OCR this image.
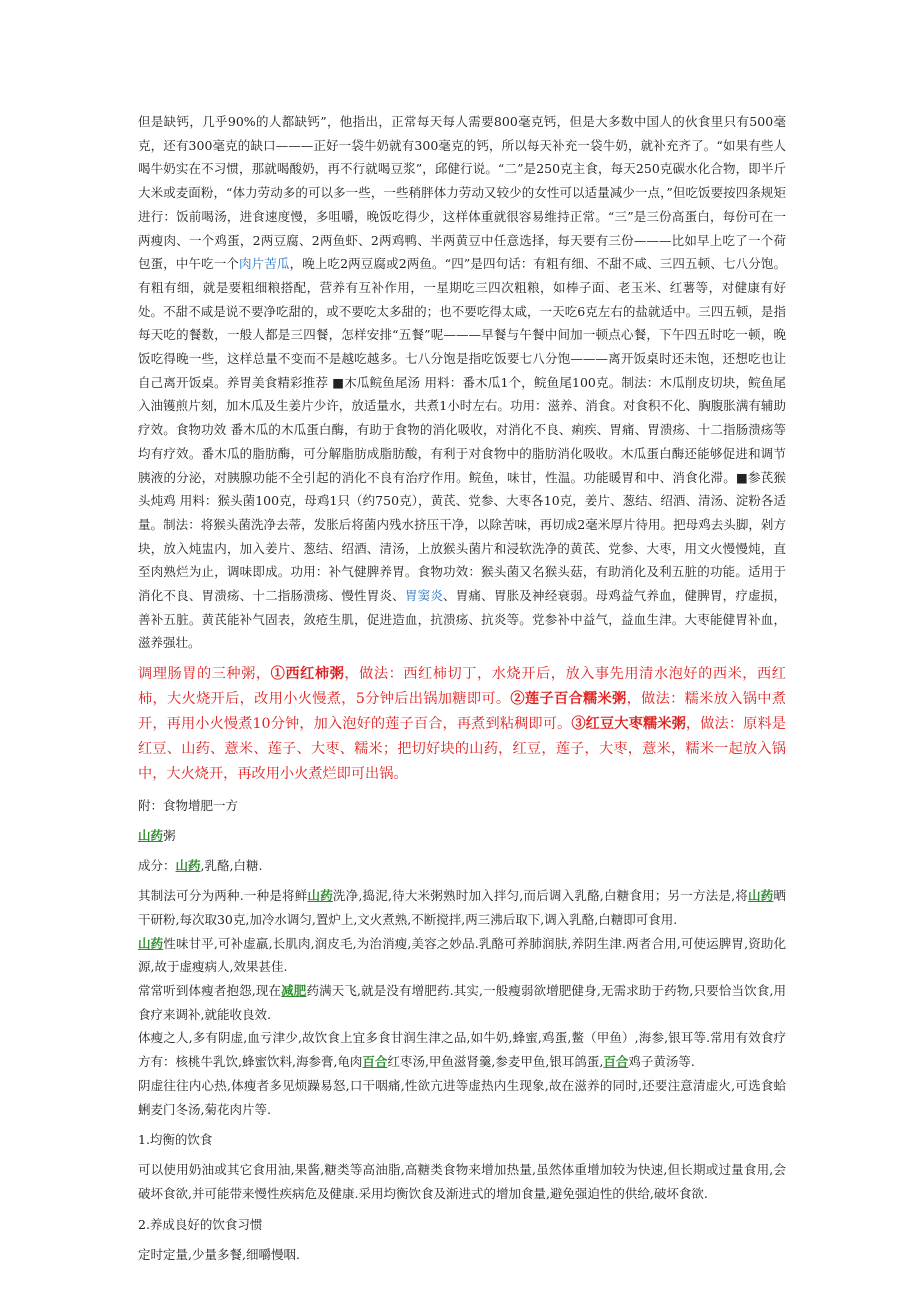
但是缺钙，几乎90%的人都缺钙”，他指出，正常每天每人需要800毫克钙，但是大多数中国人的伙食里只有500毫克，还有300毫克的缺口———正好一袋牛奶就有300毫克的钙，所以每天补充一袋牛奶，就补充齐了。“如果有些人喝牛奶实在不习惯，那就喝酸奶，再不行就喝豆浆”，邱健行说。“二”是250克主食，每天250克碳水化合物，即半斤大米或麦面粉，“体力劳动多的可以多一些，一些稍胖体力劳动又较少的女性可以适量减少一点，”但吃饭要按四条规矩进行：饭前喝汤，进食速度慢，多咀嚼，晚饭吃得少，这样体重就很容易维持正常。“三”是三份高蛋白，每份可在一两瘦肉、一个鸡蛋，2两豆腐、2两鱼虾、2两鸡鸭、半两黄豆中任意选择，每天要有三份———比如早上吃了一个荷包蛋，中午吃一个肉片苦瓜，晚上吃2两豆腐或2两鱼。“四”是四句话：有粗有细、不甜不咸、三四五顿、七八分饱。有粗有细，就是要粗细粮搭配，营养有互补作用，一星期吃三四次粗粮，如棒子面、老玉米、红薯等，对健康有好处。不甜不咸是说不要净吃甜的，或不要吃太多甜的；也不要吃得太咸，一天吃6克左右的盐就适中。三四五顿，是指每天吃的餐数，一般人都是三四餐，怎样安排“五餐”呢———早餐与午餐中间加一顿点心餐，下午四五时吃一顿，晚饭吃得晚一些，这样总量不变而不是越吃越多。七八分饱是指吃饭要七八分饱———离开饭桌时还未饱，还想吃也让自己离开饭桌。养胃美食精彩推荐 ■木瓜鲩鱼尾汤 用料：番木瓜1个，鲩鱼尾100克。制法：木瓜削皮切块，鲩鱼尾入油镬煎片刻，加木瓜及生姜片少许，放适量水，共煮1小时左右。功用：滋养、消食。对食积不化、胸腹胀满有辅助疗效。食物功效 番木瓜的木瓜蛋白酶，有助于食物的消化吸收，对消化不良、痢疾、胃痛、胃溃疡、十二指肠溃疡等均有疗效。番木瓜的脂肪酶，可分解脂肪成脂肪酸，有利于对食物中的脂肪消化吸收。木瓜蛋白酶还能够促进和调节胰液的分泌，对胰腺功能不全引起的消化不良有治疗作用。鲩鱼，味甘，性温。功能暖胃和中、消食化滞。■参芪猴头炖鸡 用料：猴头菌100克，母鸡1只（约750克），黄芪、党参、大枣各10克，姜片、葱结、绍酒、清汤、淀粉各适量。制法：将猴头菌洗净去蒂，发胀后将菌内残水挤压干净，以除苦味，再切成2毫米厚片待用。把母鸡去头脚，剁方块，放入炖盅内，加入姜片、葱结、绍酒、清汤，上放猴头菌片和浸软洗净的黄芪、党参、大枣，用文火慢慢炖，直至肉熟烂为止，调味即成。功用：补气健脾养胃。食物功效：猴头菌又名猴头菇，有助消化及利五脏的功能。适用于消化不良、胃溃疡、十二指肠溃疡、慢性胃炎、胃窦炎、胃痛、胃胀及神经衰弱。母鸡益气养血，健脾胃，疗虚损，善补五脏。黄芪能补气固表，敛疮生肌，促进造血，抗溃疡、抗炎等。党参补中益气，益血生津。大枣能健胃补血，滋养强壮。

调理肠胃的三种粥，①西红柿粥，做法：西红柿切丁，水烧开后，放入事先用清水泡好的西米，西红柿，大火烧开后，改用小火慢煮，5分钟后出锅加糖即可。②莲子百合糯米粥，做法：糯米放入锅中煮开，再用小火慢煮10分钟，加入泡好的莲子百合，再煮到粘稠即可。③红豆大枣糯米粥，做法：原料是红豆、山药、薏米、莲子、大枣、糯米；把切好块的山药，红豆，莲子，大枣，薏米，糯米一起放入锅中，大火烧开，再改用小火煮烂即可出锅。

附：食物增肥一方

山药粥

成分：山药,乳酪,白糖.

其制法可分为两种.一种是将鲜山药洗净,捣泥,待大米粥熟时加入拌匀,而后调入乳酪,白糖食用；另一方法是,将山药晒干研粉,每次取30克,加冷水调匀,置炉上,文火煮熟,不断搅拌,两三沸后取下,调入乳酪,白糖即可食用.

山药性味甘平,可补虚羸,长肌肉,润皮毛,为治消瘦,美容之妙品.乳酪可养肺润肤,养阴生津.两者合用,可使运脾胃,资助化源,故于虚瘦病人,效果甚佳.

常常听到体瘦者抱怨,现在减肥药满天飞,就是没有增肥药.其实,一般瘦弱欲增肥健身,无需求助于药物,只要恰当饮食,用食疗来调补,就能收良效.

体瘦之人,多有阴虚,血亏津少,故饮食上宜多食甘润生津之品,如牛奶,蜂蜜,鸡蛋,鳖（甲鱼）,海参,银耳等.常用有效食疗方有：核桃牛乳饮,蜂蜜饮料,海参膏,龟肉百合红枣汤,甲鱼滋肾羹,参麦甲鱼,银耳鸽蛋,百合鸡子黄汤等.

阴虚往往内心热,体瘦者多见烦躁易怒,口干咽痛,性欲亢进等虚热内生现象,故在滋养的同时,还要注意清虚火,可选食蛤蜊麦门冬汤,菊花肉片等.

1.均衡的饮食

可以使用奶油或其它食用油,果酱,糖类等高油脂,高糖类食物来增加热量,虽然体重增加较为快速,但长期或过量食用,会破坏食欲,并可能带来慢性疾病危及健康.采用均衡饮食及渐进式的增加食量,避免强迫性的供给,破坏食欲.

2.养成良好的饮食习惯

定时定量,少量多餐,细嚼慢咽.
